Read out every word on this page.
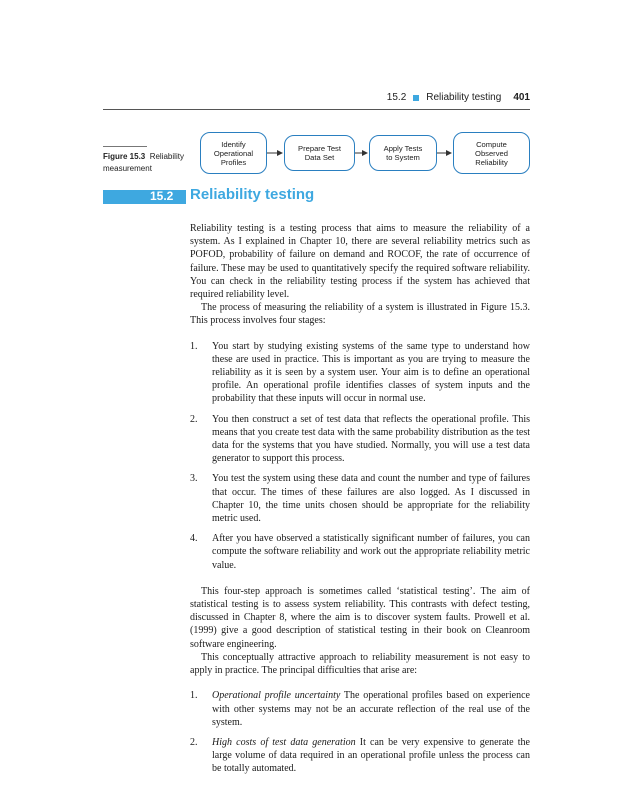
15.2 Reliability testing 401
Figure 15.3 Reliability measurement
Identify
Operational
Profiles
Prepare Test
Data Set
Apply Tests
to System
Compute
Observed
Reliability
15.2 Reliability testing

Reliability testing is a testing process that aims to measure the reliability of a system. As I explained in Chapter 10, there are several reliability metrics such as POFOD, probability of failure on demand and ROCOF, the rate of occurrence of failure. These may be used to quantitatively specify the required software reliability. You can check in the reliability testing process if the system has achieved that required reliability level.

The process of measuring the reliability of a system is illustrated in Figure 15.3. This process involves four stages:

1.	You start by studying existing systems of the same type to understand how these are used in practice. This is important as you are trying to measure the reliability as it is seen by a system user. Your aim is to define an operational profile. An operational profile identifies classes of system inputs and the probability that these inputs will occur in normal use.
2.	You then construct a set of test data that reflects the operational profile. This means that you create test data with the same probability distribution as the test data for the systems that you have studied. Normally, you will use a test data generator to support this process.
3.	You test the system using these data and count the number and type of failures that occur. The times of these failures are also logged. As I discussed in Chapter 10, the time units chosen should be appropriate for the reliability metric used.
4.	After you have observed a statistically significant number of failures, you can compute the software reliability and work out the appropriate reliability metric value.

This four-step approach is sometimes called ‘statistical testing’. The aim of statistical testing is to assess system reliability. This contrasts with defect testing, discussed in Chapter 8, where the aim is to discover system faults. Prowell et al. (1999) give a good description of statistical testing in their book on Cleanroom software engineering.

This conceptually attractive approach to reliability measurement is not easy to apply in practice. The principal difficulties that arise are:

1.	Operational profile uncertainty The operational profiles based on experience with other systems may not be an accurate reflection of the real use of the system.
2.	High costs of test data generation It can be very expensive to generate the large volume of data required in an operational profile unless the process can be totally automated.
